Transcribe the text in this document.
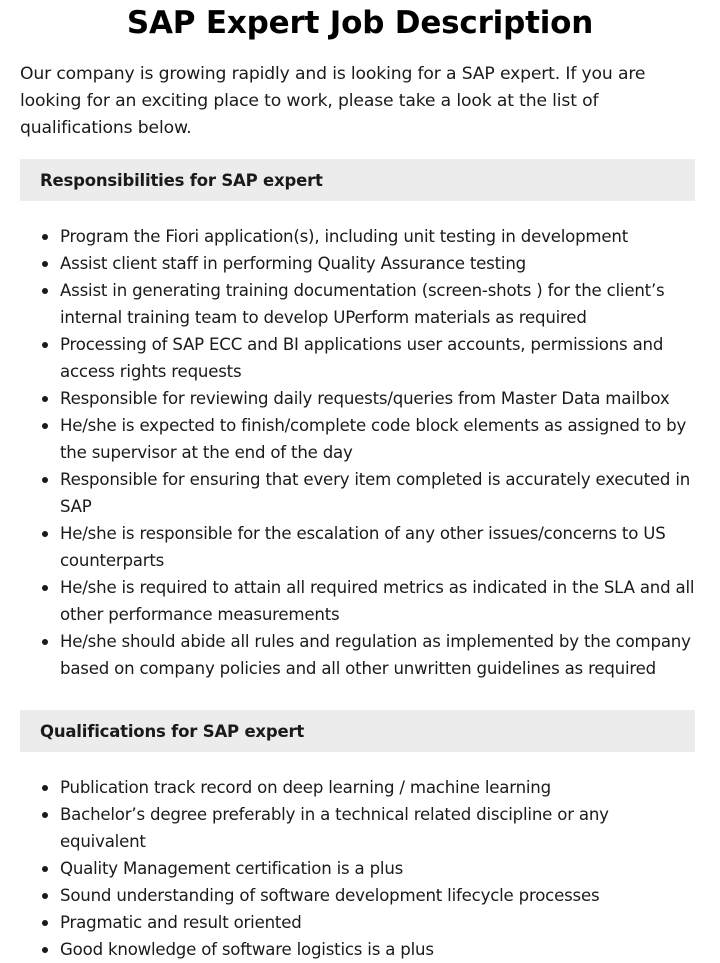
SAP Expert Job Description

Our company is growing rapidly and is looking for a SAP expert. If you are looking for an exciting place to work, please take a look at the list of qualifications below.

Responsibilities for SAP expert
Program the Fiori application(s), including unit testing in development
Assist client staff in performing Quality Assurance testing
Assist in generating training documentation (screen-shots ) for the client’s internal training team to develop UPerform materials as required
Processing of SAP ECC and BI applications user accounts, permissions and access rights requests
Responsible for reviewing daily requests/queries from Master Data mailbox
He/she is expected to finish/complete code block elements as assigned to by the supervisor at the end of the day
Responsible for ensuring that every item completed is accurately executed in SAP
He/she is responsible for the escalation of any other issues/concerns to US counterparts
He/she is required to attain all required metrics as indicated in the SLA and all other performance measurements
He/she should abide all rules and regulation as implemented by the company based on company policies and all other unwritten guidelines as required
Qualifications for SAP expert
Publication track record on deep learning / machine learning
Bachelor’s degree preferably in a technical related discipline or any equivalent
Quality Management certification is a plus
Sound understanding of software development lifecycle processes
Pragmatic and result oriented
Good knowledge of software logistics is a plus
